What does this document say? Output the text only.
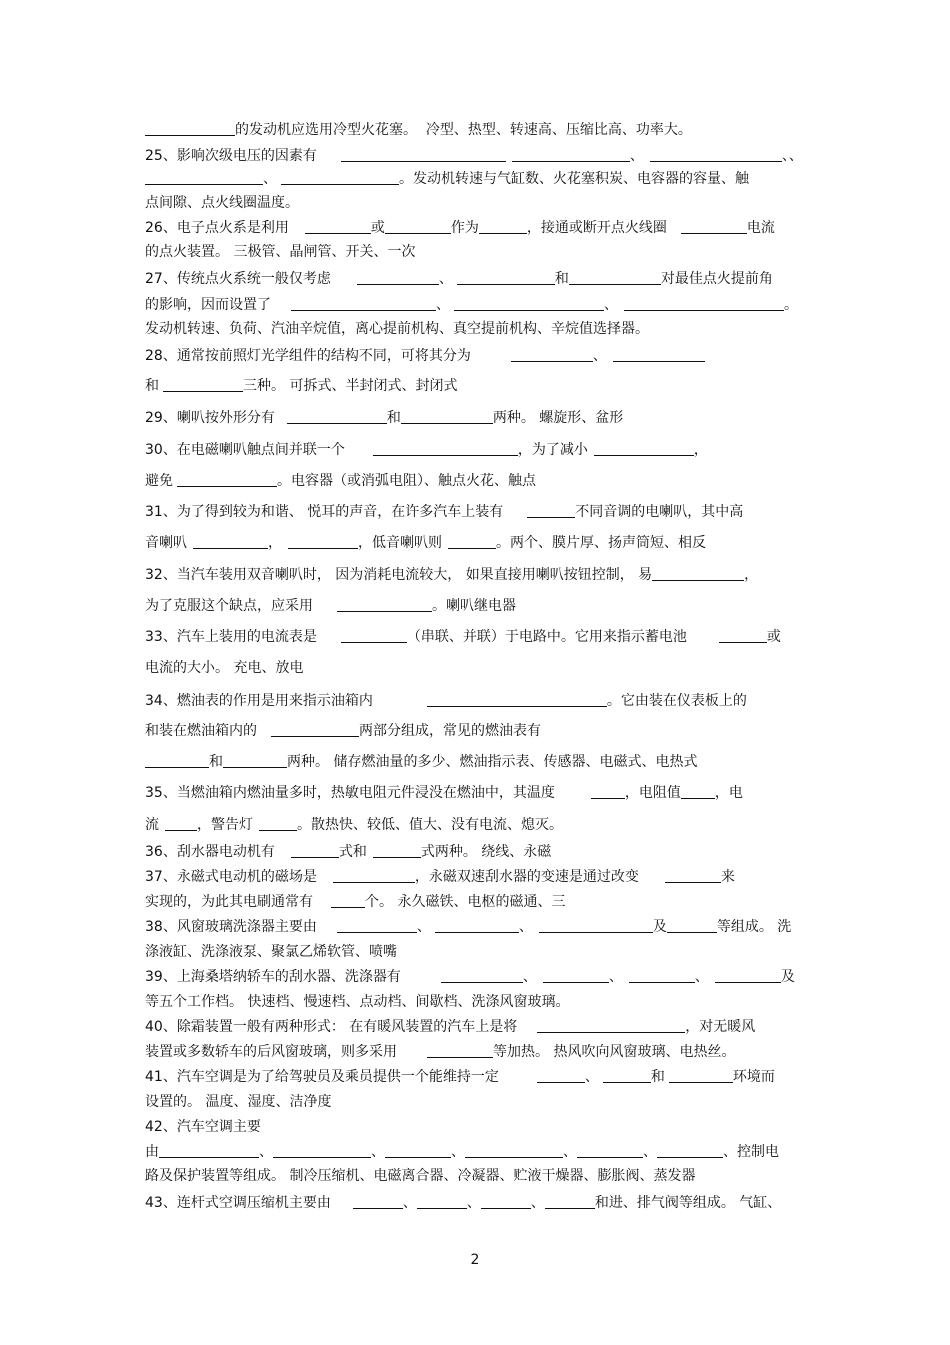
的发动机应选用冷型火花塞。  冷型、热型、转速高、压缩比高、功率大。
25、影响次级电压的因素有	、	、、
、	。发动机转速与气缸数、火花塞积炭、电容器的容量、触
点间隙、点火线圈温度。
26、电子点火系是利用	或	作为	，接通或断开点火线圈	电流
的点火装置。 三极管、晶闸管、开关、一次
27、传统点火系统一般仅考虑	、	和	对最佳点火提前角
的影响，因而设置了	、	、	。
发动机转速、负荷、汽油辛烷值，离心提前机构、真空提前机构、辛烷值选择器。
28、通常按前照灯光学组件的结构不同，可将其分为	、
和	三种。 可拆式、半封闭式、封闭式
29、喇叭按外形分有	和	两种。 螺旋形、盆形
30、在电磁喇叭触点间并联一个	，为了减小	，
避免	。电容器（或消弧电阻）、触点火花、触点
31、为了得到较为和谐、 悦耳的声音，在许多汽车上装有	不同音调的电喇叭，其中高
音喇叭	，	，低音喇叭则	。两个、膜片厚、扬声筒短、相反
32、当汽车装用双音喇叭时， 因为消耗电流较大， 如果直接用喇叭按钮控制， 易	，
为了克服这个缺点，应采用	。喇叭继电器
33、汽车上装用的电流表是	（串联、并联）于电路中。它用来指示蓄电池	或
电流的大小。 充电、放电
34、燃油表的作用是用来指示油箱内	。它由装在仪表板上的
和装在燃油箱内的	两部分组成，常见的燃油表有
和	两种。 储存燃油量的多少、燃油指示表、传感器、电磁式、电热式
35、当燃油箱内燃油量多时，热敏电阻元件浸没在燃油中，其温度	，电阻值 ，电
流	，警告灯	。散热快、较低、值大、没有电流、熄灭。
36、刮水器电动机有	式和	式两种。 绕线、永磁
37、永磁式电动机的磁场是	，永磁双速刮水器的变速是通过改变	来
实现的，为此其电刷通常有	个。 永久磁铁、电枢的磁通、三
38、风窗玻璃洗涤器主要由	、	、	及	等组成。 洗
涤液缸、洗涤液泵、聚氯乙烯软管、喷嘴
39、上海桑塔纳轿车的刮水器、洗涤器有	、	、	、	及
等五个工作档。 快速档、慢速档、点动档、间歇档、洗涤风窗玻璃。
40、除霜装置一般有两种形式： 在有暖风装置的汽车上是将	，对无暖风
装置或多数轿车的后风窗玻璃，则多采用	等加热。 热风吹向风窗玻璃、电热丝。
41、汽车空调是为了给驾驶员及乘员提供一个能维持一定	、	和	环境而
设置的。 温度、湿度、洁净度
42、汽车空调主要
由	、	、	、	、	、	、控制电
路及保护装置等组成。 制冷压缩机、电磁离合器、冷凝器、贮液干燥器、膨胀阀、蒸发器
43、连杆式空调压缩机主要由	、	、	、	和进、排气阀等组成。 气缸、
2
